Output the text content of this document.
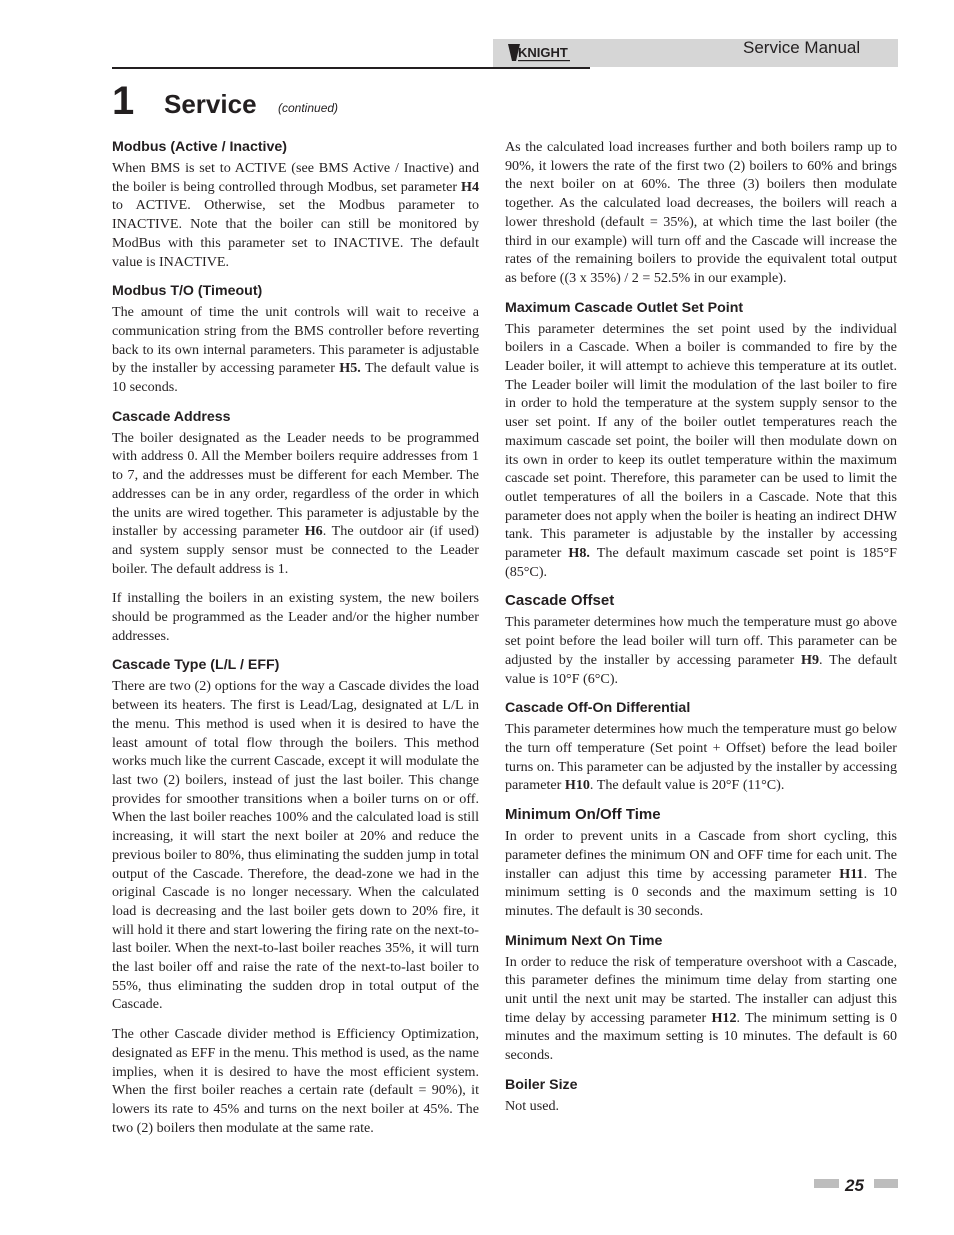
KNIGHT	Service Manual
1 Service (continued)
Modbus (Active / Inactive)

When BMS is set to ACTIVE (see BMS Active / Inactive) and the boiler is being controlled through Modbus, set parameter H4 to ACTIVE. Otherwise, set the Modbus parameter to INACTIVE. Note that the boiler can still be monitored by ModBus with this parameter set to INACTIVE. The default value is INACTIVE.

Modbus T/O (Timeout)

The amount of time the unit controls will wait to receive a communication string from the BMS controller before reverting back to its own internal parameters. This parameter is adjustable by the installer by accessing parameter H5. The default value is 10 seconds.

Cascade Address

The boiler designated as the Leader needs to be programmed with address 0. All the Member boilers require addresses from 1 to 7, and the addresses must be different for each Member. The addresses can be in any order, regardless of the order in which the units are wired together. This parameter is adjustable by the installer by accessing parameter H6. The outdoor air (if used) and system supply sensor must be connected to the Leader boiler. The default address is 1.

If installing the boilers in an existing system, the new boilers should be programmed as the Leader and/or the higher number addresses.

Cascade Type (L/L / EFF)

There are two (2) options for the way a Cascade divides the load between its heaters. The first is Lead/Lag, designated at L/L in the menu. This method is used when it is desired to have the least amount of total flow through the boilers. This method works much like the current Cascade, except it will modulate the last two (2) boilers, instead of just the last boiler. This change provides for smoother transitions when a boiler turns on or off. When the last boiler reaches 100% and the calculated load is still increasing, it will start the next boiler at 20% and reduce the previous boiler to 80%, thus eliminating the sudden jump in total output of the Cascade. Therefore, the dead-zone we had in the original Cascade is no longer necessary. When the calculated load is decreasing and the last boiler gets down to 20% fire, it will hold it there and start lowering the firing rate on the next-to-last boiler. When the next-to-last boiler reaches 35%, it will turn the last boiler off and raise the rate of the next-to-last boiler to 55%, thus eliminating the sudden drop in total output of the Cascade.

The other Cascade divider method is Efficiency Optimization, designated as EFF in the menu. This method is used, as the name implies, when it is desired to have the most efficient system. When the first boiler reaches a certain rate (default = 90%), it lowers its rate to 45% and turns on the next boiler at 45%. The two (2) boilers then modulate at the same rate.

As the calculated load increases further and both boilers ramp up to 90%, it lowers the rate of the first two (2) boilers to 60% and brings the next boiler on at 60%. The three (3) boilers then modulate together. As the calculated load decreases, the boilers will reach a lower threshold (default = 35%), at which time the last boiler (the third in our example) will turn off and the Cascade will increase the rates of the remaining boilers to provide the equivalent total output as before ((3 x 35%) / 2 = 52.5% in our example).

Maximum Cascade Outlet Set Point

This parameter determines the set point used by the individual boilers in a Cascade. When a boiler is commanded to fire by the Leader boiler, it will attempt to achieve this temperature at its outlet. The Leader boiler will limit the modulation of the last boiler to fire in order to hold the temperature at the system supply sensor to the user set point. If any of the boiler outlet temperatures reach the maximum cascade set point, the boiler will then modulate down on its own in order to keep its outlet temperature within the maximum cascade set point. Therefore, this parameter can be used to limit the outlet temperatures of all the boilers in a Cascade. Note that this parameter does not apply when the boiler is heating an indirect DHW tank. This parameter is adjustable by the installer by accessing parameter H8. The default maximum cascade set point is 185°F (85°C).

Cascade Offset

This parameter determines how much the temperature must go above set point before the lead boiler will turn off. This parameter can be adjusted by the installer by accessing parameter H9. The default value is 10°F (6°C).

Cascade Off-On Differential

This parameter determines how much the temperature must go below the turn off temperature (Set point + Offset) before the lead boiler turns on. This parameter can be adjusted by the installer by accessing parameter H10. The default value is 20°F (11°C).

Minimum On/Off Time

In order to prevent units in a Cascade from short cycling, this parameter defines the minimum ON and OFF time for each unit. The installer can adjust this time by accessing parameter H11. The minimum setting is 0 seconds and the maximum setting is 10 minutes. The default is 30 seconds.

Minimum Next On Time

In order to reduce the risk of temperature overshoot with a Cascade, this parameter defines the minimum time delay from starting one unit until the next unit may be started. The installer can adjust this time delay by accessing parameter H12. The minimum setting is 0 minutes and the maximum setting is 10 minutes. The default is 60 seconds.

Boiler Size

Not used.

25
